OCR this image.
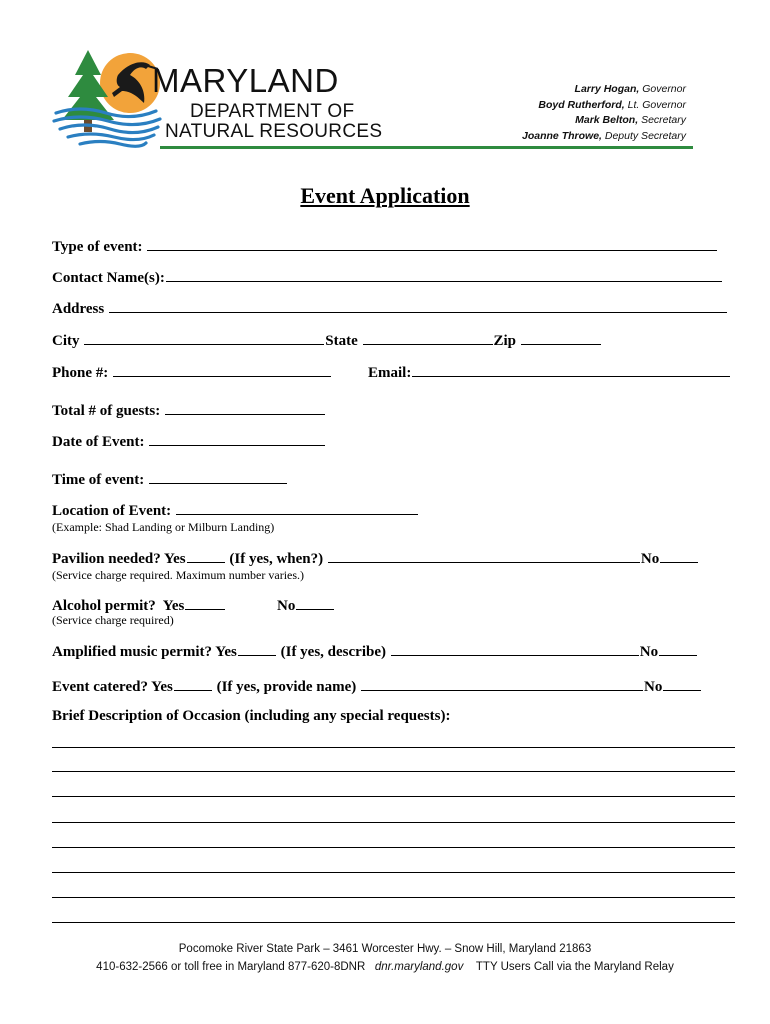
MARYLAND
DEPARTMENT OF
NATURAL RESOURCES
Larry Hogan, Governor
Boyd Rutherford, Lt. Governor
Mark Belton, Secretary
Joanne Throwe, Deputy Secretary
Event Application
Type of event:
Contact Name(s):
Address
City	State	Zip
Phone #:	Email:
Total # of guests:
Date of Event:
Time of event:
Location of Event:
(Example: Shad Landing or Milburn Landing)
Pavilion needed? Yes	(If yes, when?)	No
(Service charge required. Maximum number varies.)
Alcohol permit? Yes	No
(Service charge required)
Amplified music permit? Yes	(If yes, describe)	No
Event catered? Yes	(If yes, provide name)	No
Brief Description of Occasion (including any special requests):
Pocomoke River State Park – 3461 Worcester Hwy. – Snow Hill, Maryland 21863
410-632-2566 or toll free in Maryland 877-620-8DNR dnr.maryland.gov TTY Users Call via the Maryland Relay
